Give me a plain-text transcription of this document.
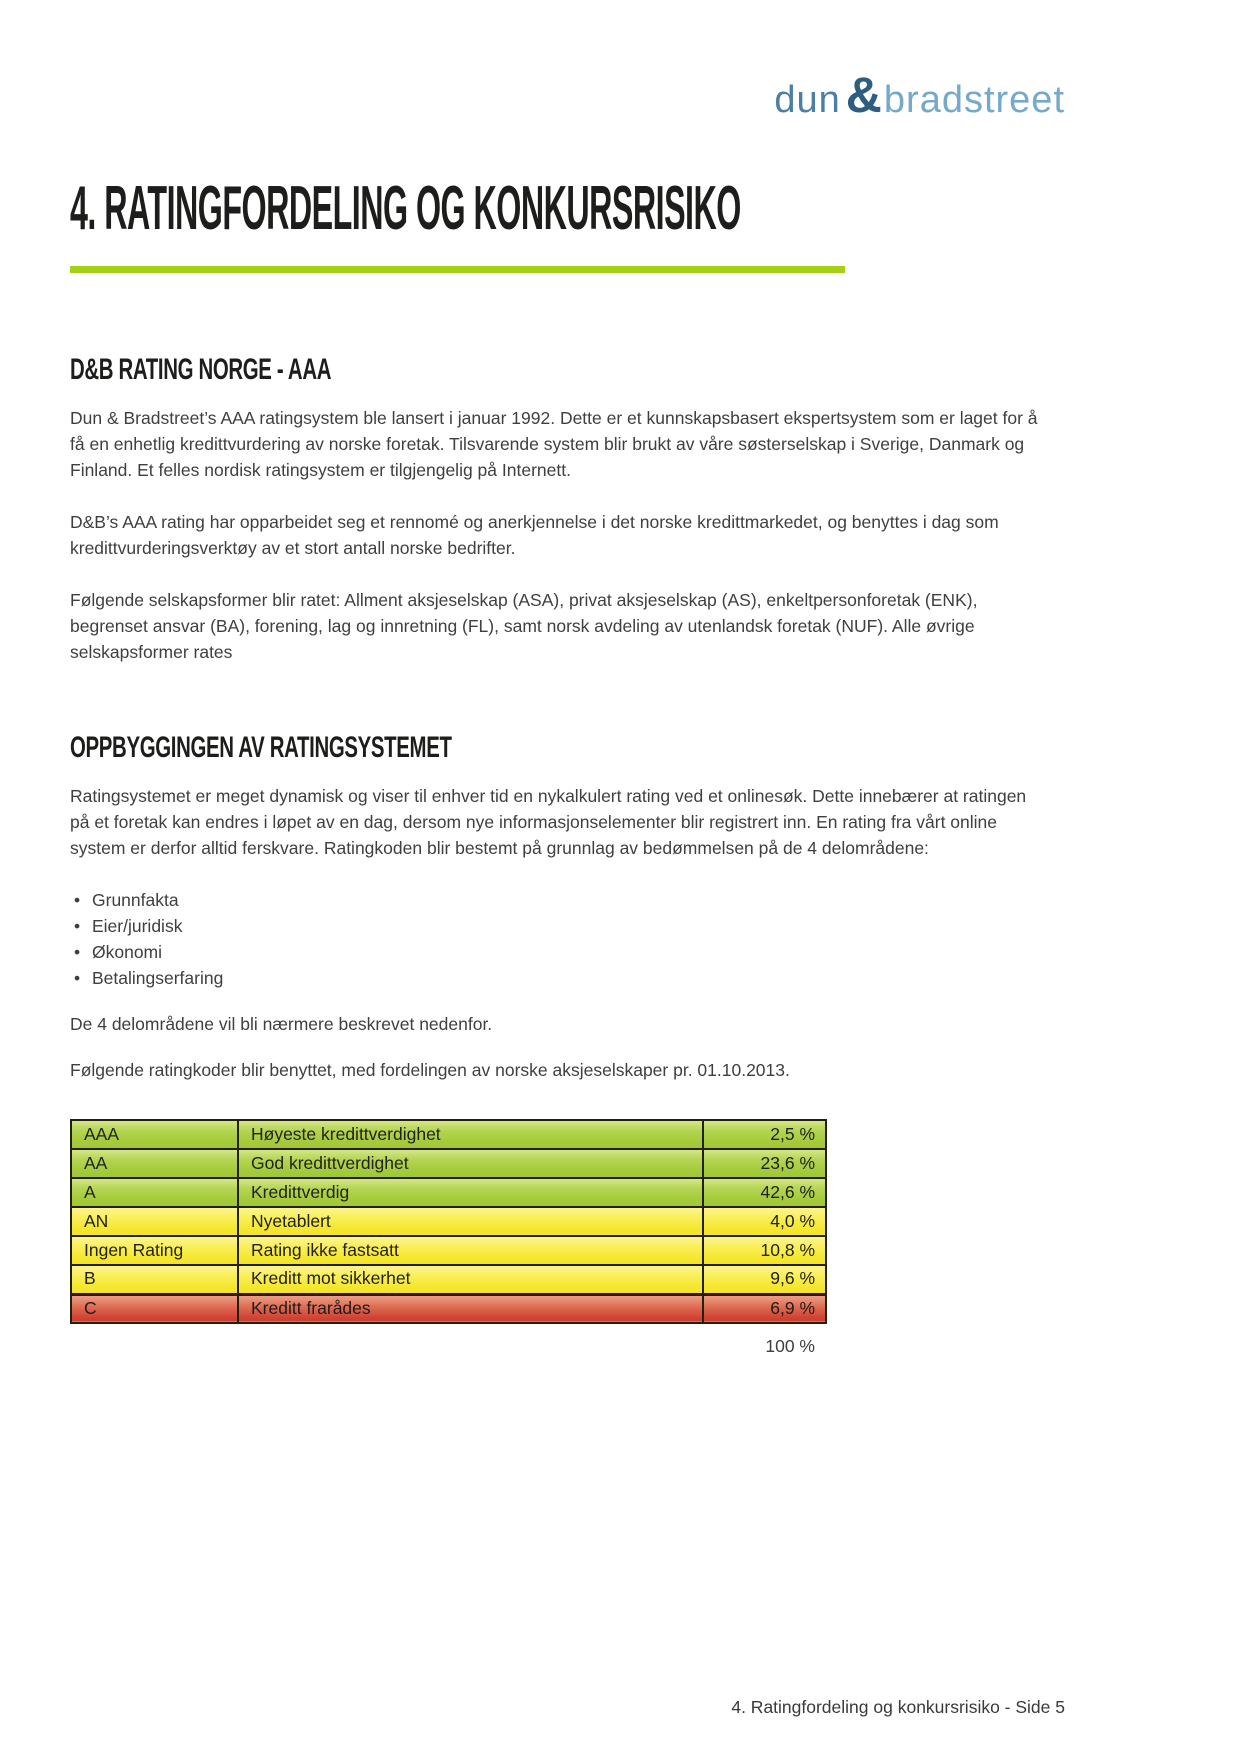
dun &bradstreet
4. RATINGFORDELING OG KONKURSRISIKO
D&B RATING NORGE - AAA

Dun & Bradstreet’s AAA ratingsystem ble lansert i januar 1992. Dette er et kunnskapsbasert ekspertsystem som er laget for å få en enhetlig kredittvurdering av norske foretak. Tilsvarende system blir brukt av våre søsterselskap i Sverige, Danmark og Finland. Et felles nordisk ratingsystem er tilgjengelig på Internett.

D&B’s AAA rating har opparbeidet seg et rennomé og anerkjennelse i det norske kredittmarkedet, og benyttes i dag som kredittvurderingsverktøy av et stort antall norske bedrifter.

Følgende selskapsformer blir ratet: Allment aksjeselskap (ASA), privat aksjeselskap (AS), enkeltpersonforetak (ENK), begrenset ansvar (BA), forening, lag og innretning (FL), samt norsk avdeling av utenlandsk foretak (NUF). Alle øvrige selskapsformer rates

OPPBYGGINGEN AV RATINGSYSTEMET

Ratingsystemet er meget dynamisk og viser til enhver tid en nykalkulert rating ved et onlinesøk. Dette innebærer at ratingen på et foretak kan endres i løpet av en dag, dersom nye informasjonselementer blir registrert inn. En rating fra vårt online system er derfor alltid ferskvare. Ratingkoden blir bestemt på grunnlag av bedømmelsen på de 4 delområdene:

• Grunnfakta
• Eier/juridisk
• Økonomi
• Betalingserfaring

De 4 delområdene vil bli nærmere beskrevet nedenfor.

Følgende ratingkoder blir benyttet, med fordelingen av norske aksjeselskaper pr. 01.10.2013.

AAA	Høyeste kredittverdighet	2,5 %
AA	God kredittverdighet	23,6 %
A	Kredittverdig	42,6 %
AN	Nyetablert	4,0 %
Ingen Rating	Rating ikke fastsatt	10,8 %
B	Kreditt mot sikkerhet	9,6 %
C	Kreditt frarådes	6,9 %
100 %
4. Ratingfordeling og konkursrisiko - Side 5
